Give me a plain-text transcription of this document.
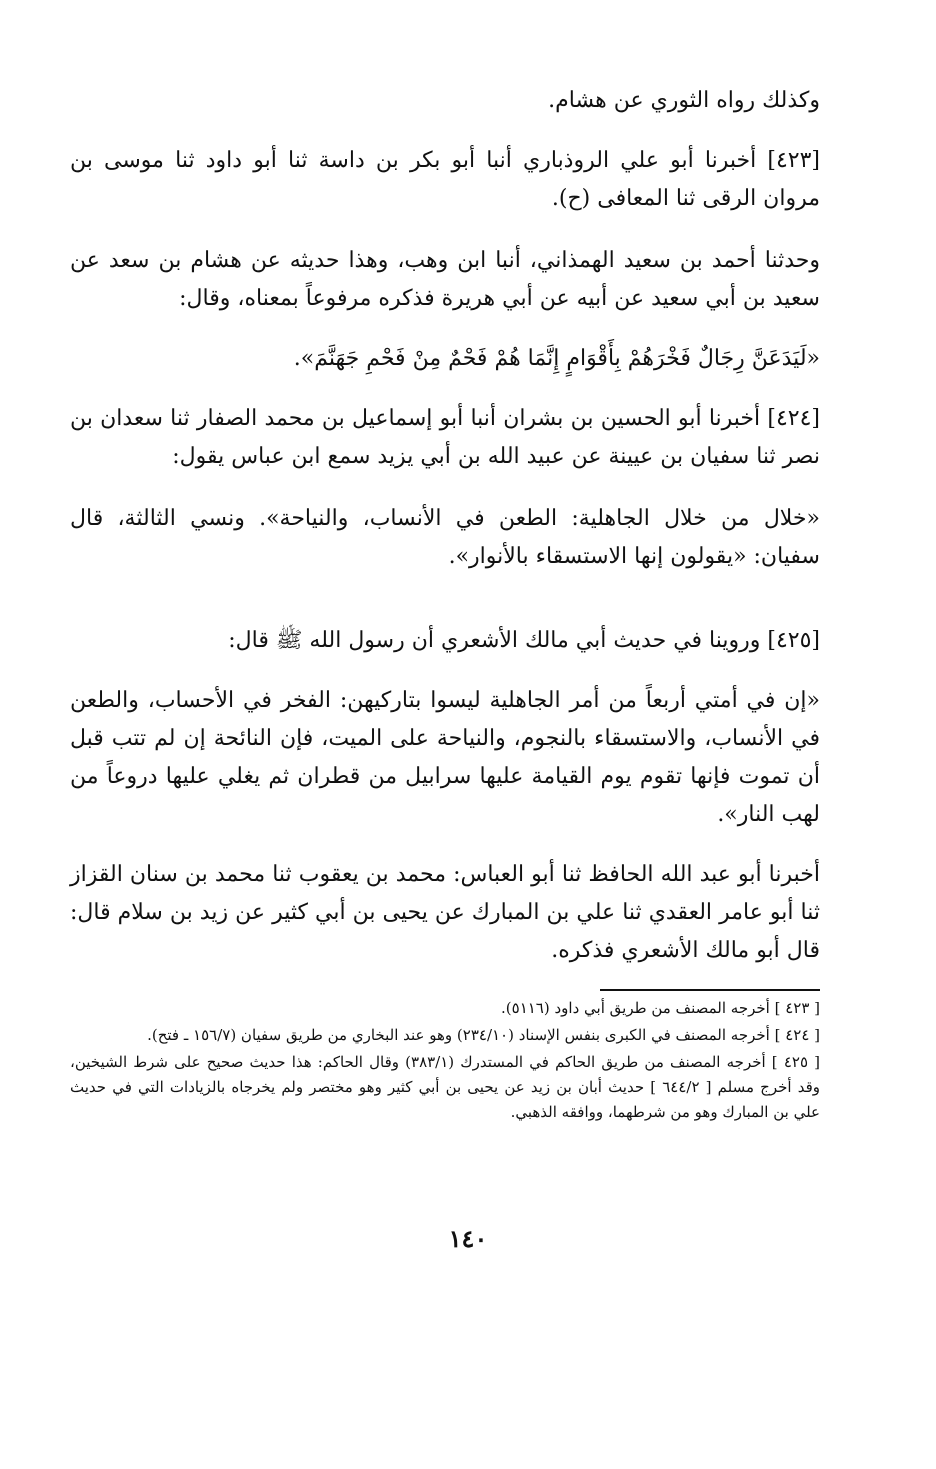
وكذلك رواه الثوري عن هشام.

[٤٢٣] أخبرنا أبو علي الروذباري أنبا أبو بكر بن داسة ثنا أبو داود ثنا موسى بن مروان الرقى ثنا المعافى (ح).

وحدثنا أحمد بن سعيد الهمذاني، أنبا ابن وهب، وهذا حديثه عن هشام بن سعد عن سعيد بن أبي سعيد عن أبيه عن أبي هريرة فذكره مرفوعاً بمعناه، وقال:

«لَيَدَعَنَّ رِجَالٌ فَخْرَهُمْ بِأَقْوَامٍ إِنَّمَا هُمْ فَحْمٌ مِنْ فَحْمِ جَهَنَّمَ».

[٤٢٤] أخبرنا أبو الحسين بن بشران أنبا أبو إسماعيل بن محمد الصفار ثنا سعدان بن نصر ثنا سفيان بن عيينة عن عبيد الله بن أبي يزيد سمع ابن عباس يقول:

«خلال من خلال الجاهلية: الطعن في الأنساب، والنياحة». ونسي الثالثة، قال سفيان: «يقولون إنها الاستسقاء بالأنوار».

[٤٢٥] وروينا في حديث أبي مالك الأشعري أن رسول الله ﷺ قال:

«إن في أمتي أربعاً من أمر الجاهلية ليسوا بتاركيهن: الفخر في الأحساب، والطعن في الأنساب، والاستسقاء بالنجوم، والنياحة على الميت، فإن النائحة إن لم تتب قبل أن تموت فإنها تقوم يوم القيامة عليها سرابيل من قطران ثم يغلي عليها دروعاً من لهب النار».

أخبرنا أبو عبد الله الحافظ ثنا أبو العباس: محمد بن يعقوب ثنا محمد بن سنان القزاز ثنا أبو عامر العقدي ثنا علي بن المبارك عن يحيى بن أبي كثير عن زيد بن سلام قال: قال أبو مالك الأشعري فذكره.

[ ٤٢٣ ] أخرجه المصنف من طريق أبي داود (٥١١٦).

[ ٤٢٤ ] أخرجه المصنف في الكبرى بنفس الإسناد (٢٣٤/١٠) وهو عند البخاري من طريق سفيان (١٥٦/٧ ـ فتح).

[ ٤٢٥ ] أخرجه المصنف من طريق الحاكم في المستدرك (٣٨٣/١) وقال الحاكم: هذا حديث صحيح على شرط الشيخين، وقد أخرج مسلم [ ٦٤٤/٢ ] حديث أبان بن زيد عن يحيى بن أبي كثير وهو مختصر ولم يخرجاه بالزيادات التي في حديث علي بن المبارك وهو من شرطهما، ووافقه الذهبي.

١٤٠
